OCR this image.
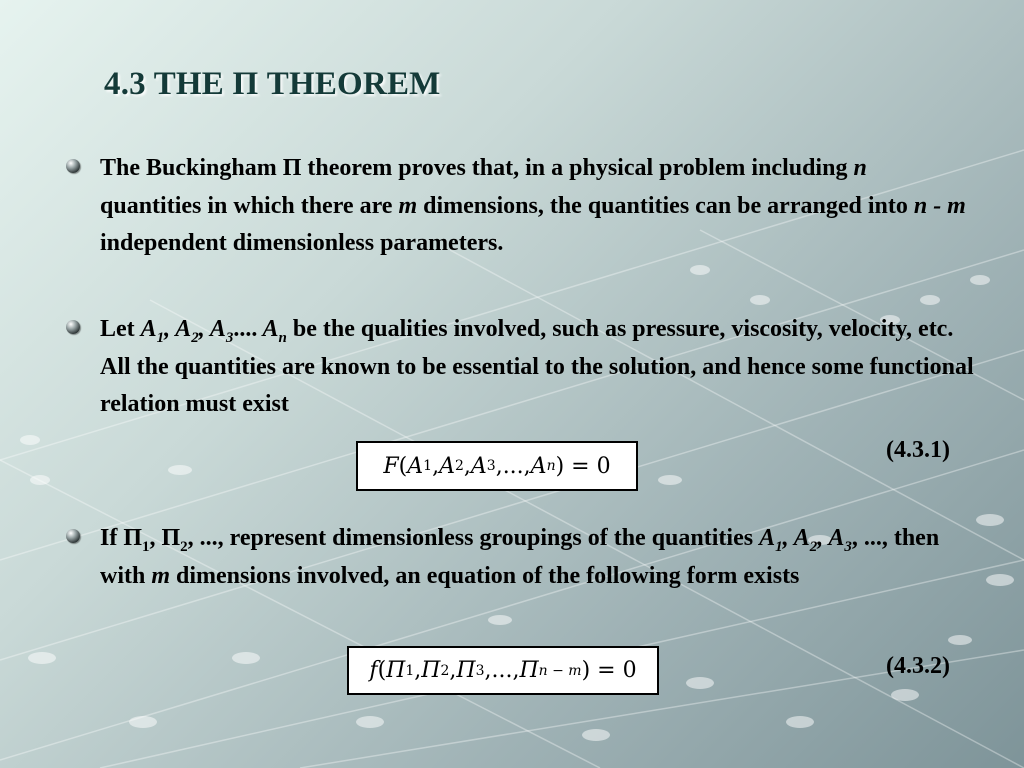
4.3 THE Π THEOREM
The Buckingham Π theorem proves that, in a physical problem including n quantities in which there are m dimensions, the quantities can be arranged into n - m independent dimensionless parameters.
Let $A_1$, $A_2$, $A_3$.... $A_n$ be the qualities involved, such as pressure, viscosity, velocity, etc. All the quantities are known to be essential to the solution, and hence some functional relation must exist
F ( A 1 , A 2 , A 3 , ... , A n ) = 0
(4.3.1)
If $\Pi_1$, $\Pi_2$, ..., represent dimensionless groupings of the quantities $A_1$, $A_2$, $A_3$, ..., then with m dimensions involved, an equation of the following form exists
f ( Π 1 , Π 2 , Π 3 , ... , Π n − m ) = 0	(4.3.2)
